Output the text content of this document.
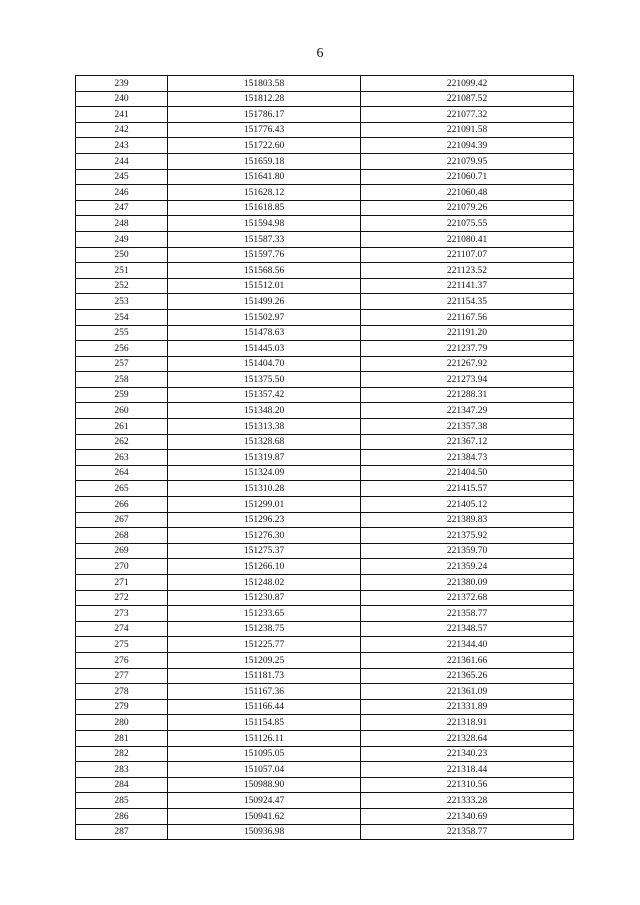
6
239	151803.58	221099.42
240	151812.28	221087.52
241	151786.17	221077.32
242	151776.43	221091.58
243	151722.60	221094.39
244	151659.18	221079.95
245	151641.80	221060.71
246	151628.12	221060.48
247	151618.85	221079.26
248	151594.98	221075.55
249	151587.33	221080.41
250	151597.76	221107.07
251	151568.56	221123.52
252	151512.01	221141.37
253	151499.26	221154.35
254	151502.97	221167.56
255	151478.63	221191.20
256	151445.03	221237.79
257	151404.70	221267.92
258	151375.50	221273.94
259	151357.42	221288.31
260	151348.20	221347.29
261	151313.38	221357.38
262	151328.68	221367.12
263	151319.87	221384.73
264	151324.09	221404.50
265	151310.28	221415.57
266	151299.01	221405.12
267	151296.23	221389.83
268	151276.30	221375.92
269	151275.37	221359.70
270	151266.10	221359.24
271	151248.02	221380.09
272	151230.87	221372.68
273	151233.65	221358.77
274	151238.75	221348.57
275	151225.77	221344.40
276	151209.25	221361.66
277	151181.73	221365.26
278	151167.36	221361.09
279	151166.44	221331.89
280	151154.85	221318.91
281	151126.11	221328.64
282	151095.05	221340.23
283	151057.04	221318.44
284	150988.90	221310.56
285	150924.47	221333.28
286	150941.62	221340.69
287	150936.98	221358.77
